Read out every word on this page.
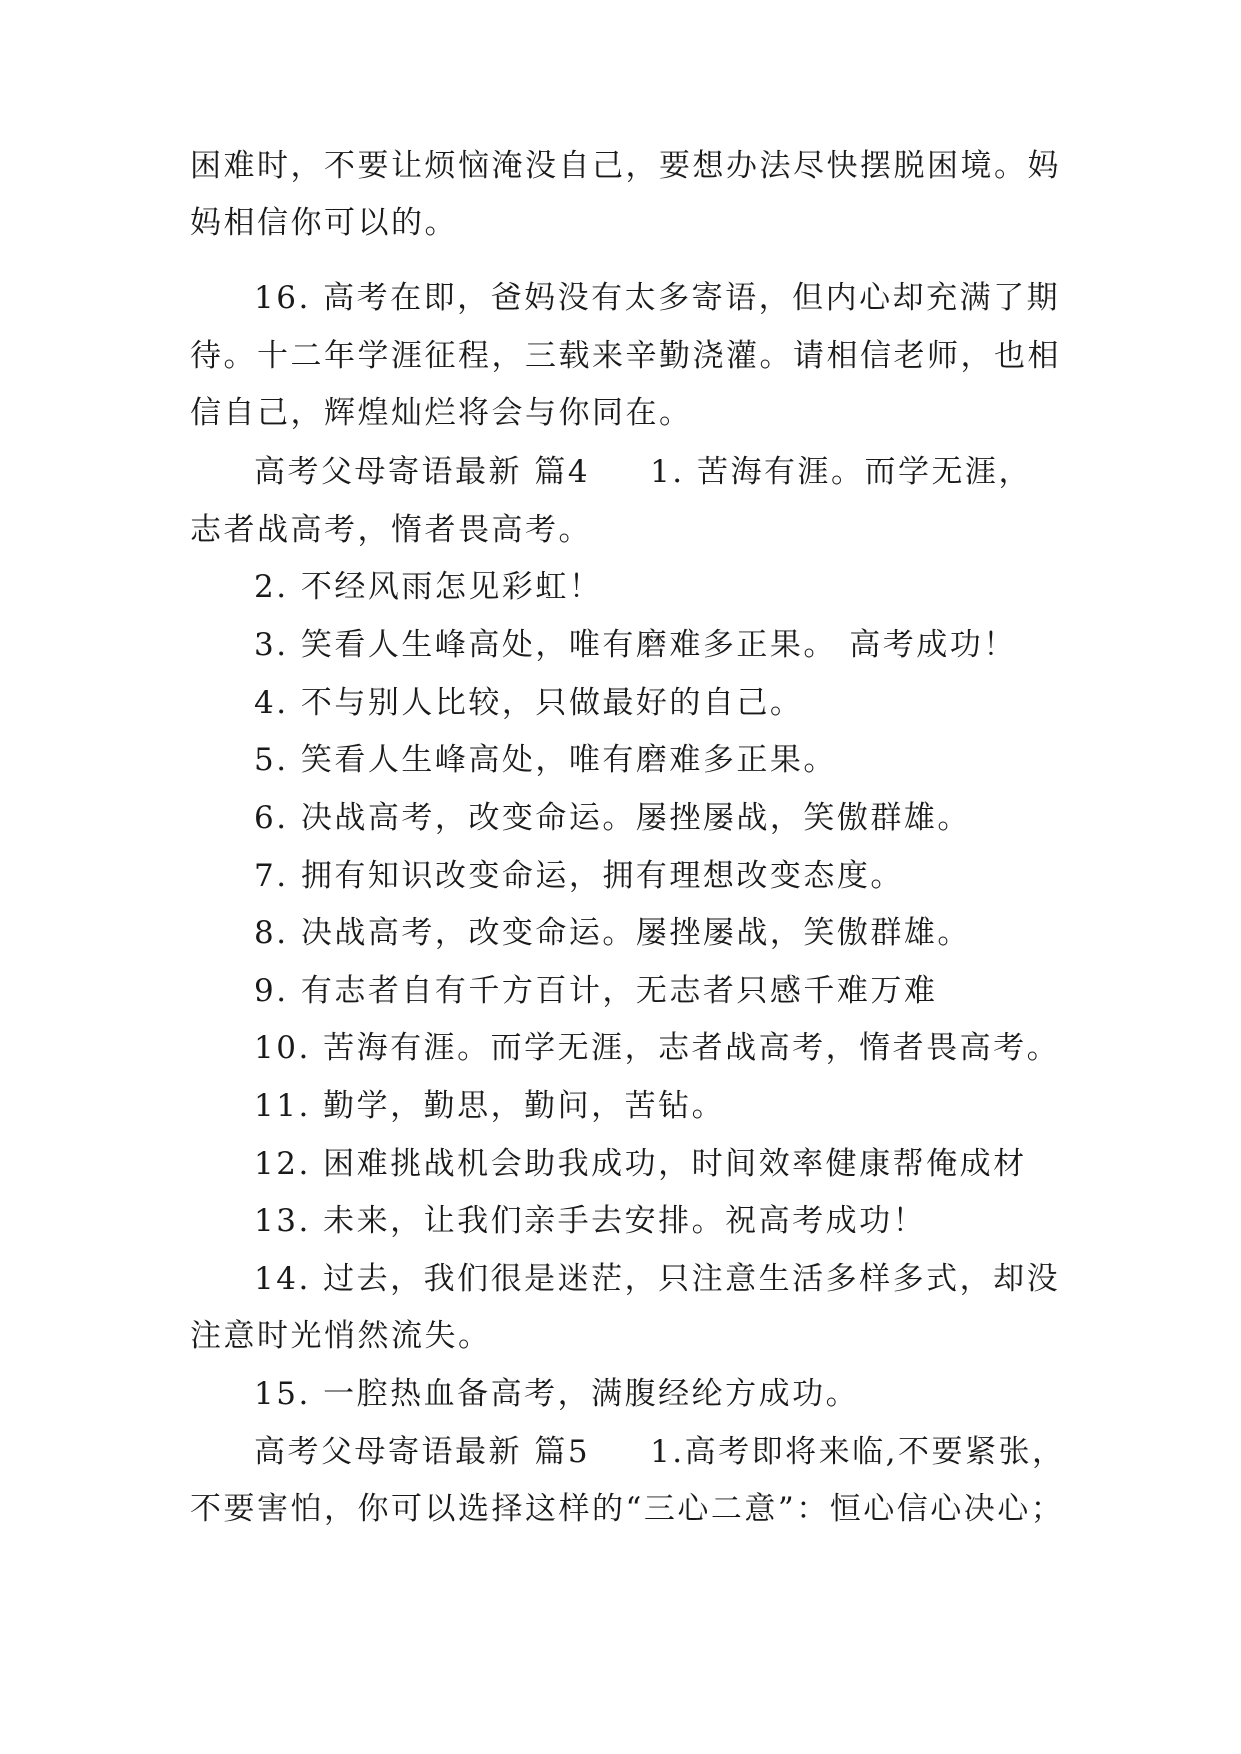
困难时，不要让烦恼淹没自己，要想办法尽快摆脱困境。妈
妈相信你可以的。
16. 高考在即，爸妈没有太多寄语，但内心却充满了期
待。十二年学涯征程，三载来辛勤浇灌。请相信老师，也相
信自己，辉煌灿烂将会与你同在。
高考父母寄语最新 篇4 1. 苦海有涯。而学无涯，
志者战高考，惰者畏高考。
2. 不经风雨怎见彩虹！
3. 笑看人生峰高处，唯有磨难多正果。 高考成功！
4. 不与别人比较，只做最好的自己。
5. 笑看人生峰高处，唯有磨难多正果。
6. 决战高考，改变命运。屡挫屡战，笑傲群雄。
7. 拥有知识改变命运，拥有理想改变态度。
8. 决战高考，改变命运。屡挫屡战，笑傲群雄。
9. 有志者自有千方百计，无志者只感千难万难
10. 苦海有涯。而学无涯，志者战高考，惰者畏高考。
11. 勤学，勤思，勤问，苦钻。
12. 困难挑战机会助我成功，时间效率健康帮俺成材
13. 未来，让我们亲手去安排。祝高考成功！
14. 过去，我们很是迷茫，只注意生活多样多式，却没
注意时光悄然流失。
15. 一腔热血备高考，满腹经纶方成功。
高考父母寄语最新 篇5 1.高考即将来临,不要紧张，
不要害怕，你可以选择这样的“三心二意”：恒心信心决心；
